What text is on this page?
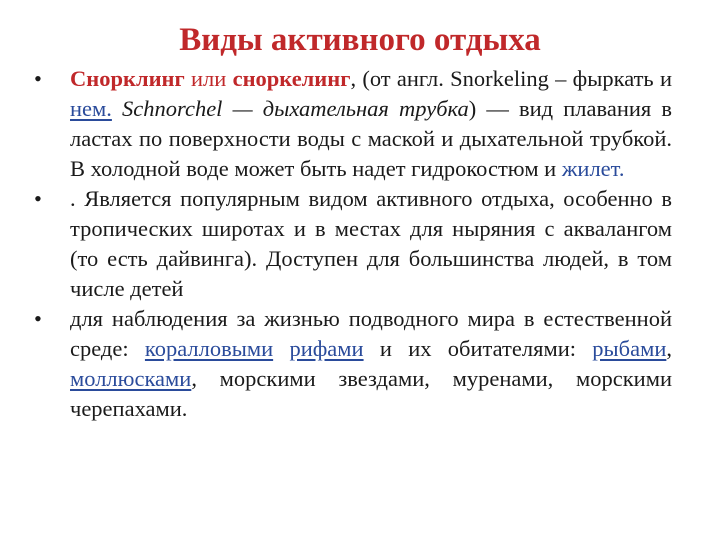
Виды активного отдыха
• Снорклинг или сноркелинг, (от англ. Snorkeling – фыркать и нем. Schnorchel — дыхательная трубка) — вид плавания в ластах по поверхности воды с маской и дыхательной трубкой. В холодной воде может быть надет гидрокостюм и жилет.
• . Является популярным видом активного отдыха, особенно в тропических широтах и в местах для ныряния с аквалангом (то есть дайвинга). Доступен для большинства людей, в том числе детей
• для наблюдения за жизнью подводного мира в естественной среде: коралловыми рифами и их обитателями: рыбами, моллюсками, морскими звездами, муренами, морскими черепахами.
